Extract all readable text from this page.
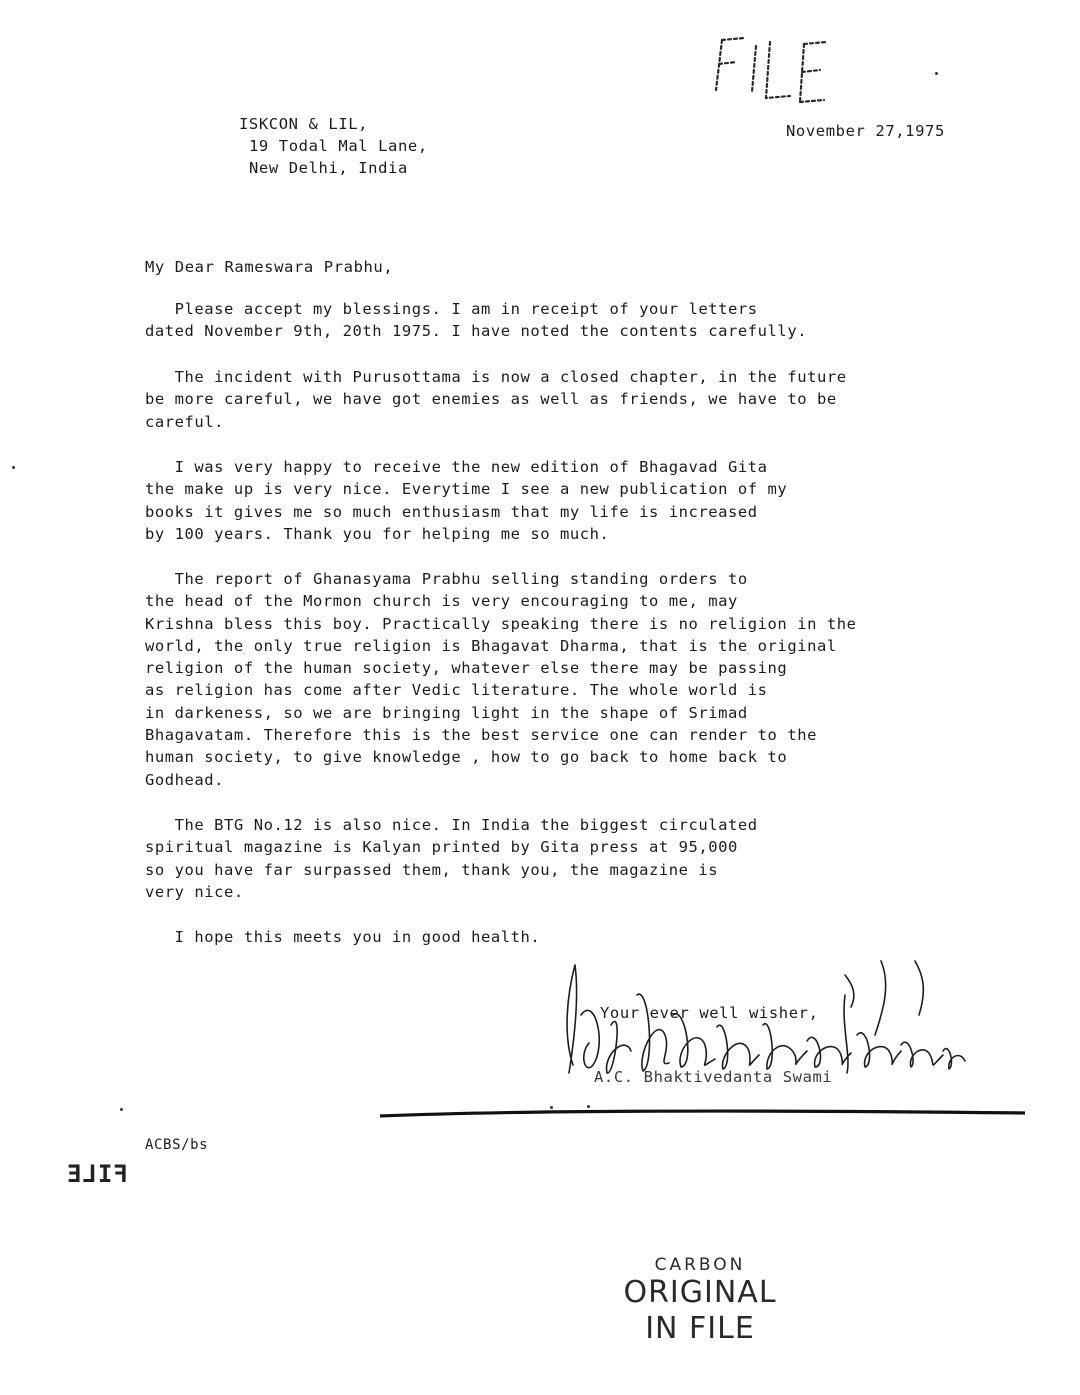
ISKCON & LIL,
19 Todal Mal Lane,
New Delhi, India
November 27,1975
My Dear Rameswara Prabhu,
Please accept my blessings. I am in receipt of your letters
dated November 9th, 20th 1975. I have noted the contents carefully.
The incident with Purusottama is now a closed chapter, in the future
be more careful, we have got enemies as well as friends, we have to be
careful.
I was very happy to receive the new edition of Bhagavad Gita
the make up is very nice. Everytime I see a new publication of my
books it gives me so much enthusiasm that my life is increased
by 100 years. Thank you for helping me so much.
The report of Ghanasyama Prabhu selling standing orders to
the head of the Mormon church is very encouraging to me, may
Krishna bless this boy. Practically speaking there is no religion in the
world, the only true religion is Bhagavat Dharma, that is the original
religion of the human society, whatever else there may be passing
as religion has come after Vedic literature. The whole world is
in darkeness, so we are bringing light in the shape of Srimad
Bhagavatam. Therefore this is the best service one can render to the
human society, to give knowledge , how to go back to home back to
Godhead.
The BTG No.12 is also nice. In India the biggest circulated
spiritual magazine is Kalyan printed by Gita press at 95,000
so you have far surpassed them, thank you, the magazine is
very nice.
I hope this meets you in good health.
Your ever well wisher,
A.C. Bhaktivedanta Swami
ACBS/bs
FILE
CARBON
ORIGINAL
IN FILE
